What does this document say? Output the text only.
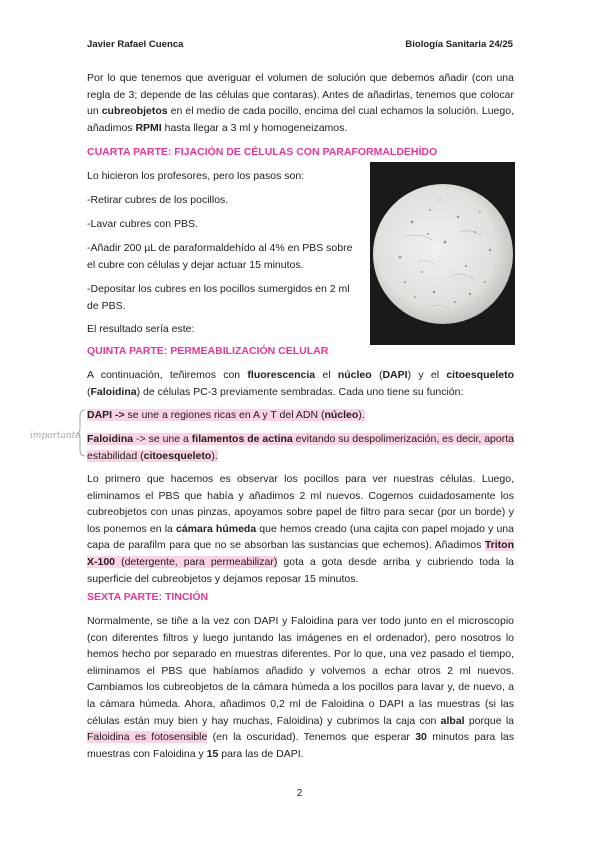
Javier Rafael Cuenca	Biología Sanitaria 24/25

Por lo que tenemos que averiguar el volumen de solución que debemos añadir (con una regla de 3; depende de las células que contaras). Antes de añadirlas, tenemos que colocar un cubreobjetos en el medio de cada pocillo, encima del cual echamos la solución. Luego, añadimos RPMI hasta llegar a 3 ml y homogeneizamos.

CUARTA PARTE: FIJACIÓN DE CÉLULAS CON PARAFORMALDEHÍDO

Lo hicieron los profesores, pero los pasos son:

-Retirar cubres de los pocillos.

-Lavar cubres con PBS.

-Añadir 200 µL de paraformaldehído al 4% en PBS sobre el cubre con células y dejar actuar 15 minutos.

-Depositar los cubres en los pocillos sumergidos en 2 ml de PBS.

El resultado sería este:

QUINTA PARTE: PERMEABILIZACIÓN CELULAR

A continuación, teñiremos con fluorescencia el núcleo (DAPI) y el citoesqueleto (Faloidina) de células PC-3 previamente sembradas. Cada uno tiene su función:

importante

DAPI -> se une a regiones ricas en A y T del ADN (núcleo).

Faloidina -> se une a filamentos de actina evitando su despolimerización, es decir, aporta estabilidad (citoesqueleto).

Lo primero que hacemos es observar los pocillos para ver nuestras células. Luego, eliminamos el PBS que había y añadimos 2 ml nuevos. Cogemos cuidadosamente los cubreobjetos con unas pinzas, apoyamos sobre papel de filtro para secar (por un borde) y los ponemos en la cámara húmeda que hemos creado (una cajita con papel mojado y una capa de parafilm para que no se absorban las sustancias que echemos). Añadimos Triton X-100 (detergente, para permeabilizar) gota a gota desde arriba y cubriendo toda la superficie del cubreobjetos y dejamos reposar 15 minutos.

SEXTA PARTE: TINCIÓN

Normalmente, se tiñe a la vez con DAPI y Faloidina para ver todo junto en el microscopio (con diferentes filtros y luego juntando las imágenes en el ordenador), pero nosotros lo hemos hecho por separado en muestras diferentes. Por lo que, una vez pasado el tiempo, eliminamos el PBS que habíamos añadido y volvemos a echar otros 2 ml nuevos. Cambiamos los cubreobjetos de la cámara húmeda a los pocillos para lavar y, de nuevo, a la cámara húmeda. Ahora, añadimos 0,2 ml de Faloidina o DAPI a las muestras (si las células están muy bien y hay muchas, Faloidina) y cubrimos la caja con albal porque la Faloidina es fotosensible (en la oscuridad). Tenemos que esperar 30 minutos para las muestras con Faloidina y 15 para las de DAPI.

2
